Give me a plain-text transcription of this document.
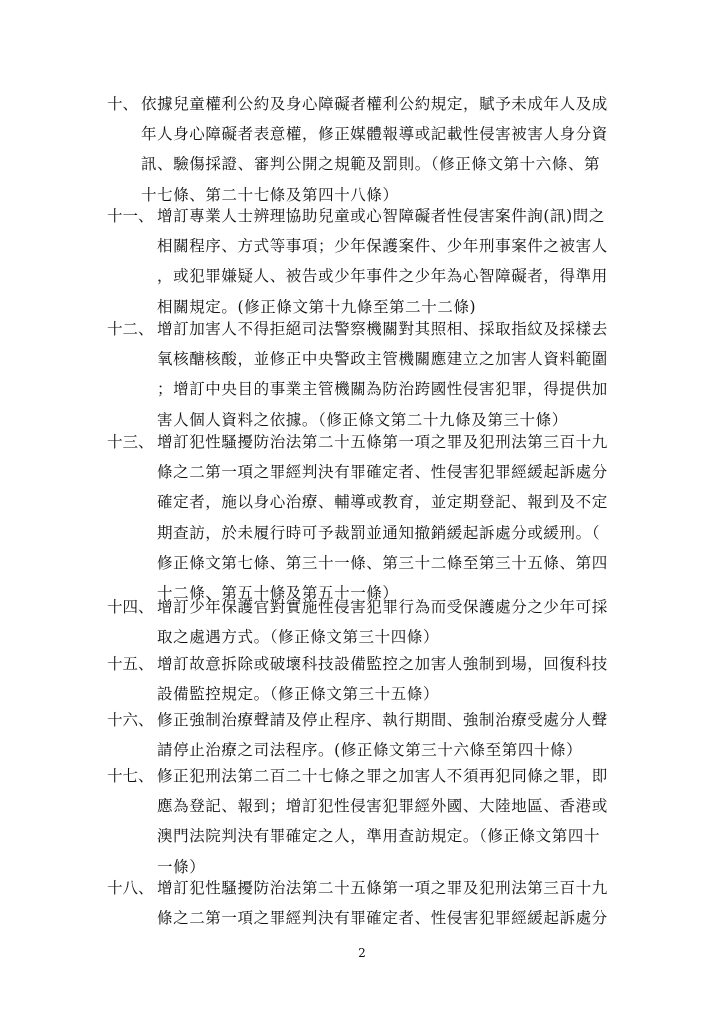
十、 依據兒童權利公約及身心障礙者權利公約規定，賦予未成年人及成
年人身心障礙者表意權，修正媒體報導或記載性侵害被害人身分資
訊、驗傷採證、審判公開之規範及罰則。（修正條文第十六條、第
十七條、第二十七條及第四十八條）
十一、 增訂專業人士辨理協助兒童或心智障礙者性侵害案件詢(訊)問之
相關程序、方式等事項；少年保護案件、少年刑事案件之被害人
，或犯罪嫌疑人、被告或少年事件之少年為心智障礙者，得準用
相關規定。(修正條文第十九條至第二十二條)
十二、 增訂加害人不得拒絕司法警察機關對其照相、採取指紋及採樣去
氧核醣核酸，並修正中央警政主管機關應建立之加害人資料範圍
；增訂中央目的事業主管機關為防治跨國性侵害犯罪，得提供加
害人個人資料之依據。（修正條文第二十九條及第三十條）
十三、 增訂犯性騷擾防治法第二十五條第一項之罪及犯刑法第三百十九
條之二第一項之罪經判決有罪確定者、性侵害犯罪經緩起訴處分
確定者，施以身心治療、輔導或教育，並定期登記、報到及不定
期查訪，於未履行時可予裁罰並通知撤銷緩起訴處分或緩刑。（
修正條文第七條、第三十一條、第三十二條至第三十五條、第四
十二條、第五十條及第五十一條）
十四、 增訂少年保護官對實施性侵害犯罪行為而受保護處分之少年可採
取之處遇方式。（修正條文第三十四條）
十五、 增訂故意拆除或破壞科技設備監控之加害人強制到場，回復科技
設備監控規定。（修正條文第三十五條）
十六、 修正強制治療聲請及停止程序、執行期間、強制治療受處分人聲
請停止治療之司法程序。(修正條文第三十六條至第四十條）
十七、 修正犯刑法第二百二十七條之罪之加害人不須再犯同條之罪，即
應為登記、報到；增訂犯性侵害犯罪經外國、大陸地區、香港或
澳門法院判決有罪確定之人，準用查訪規定。（修正條文第四十
一條）
十八、 增訂犯性騷擾防治法第二十五條第一項之罪及犯刑法第三百十九
條之二第一項之罪經判決有罪確定者、性侵害犯罪經緩起訴處分
2
